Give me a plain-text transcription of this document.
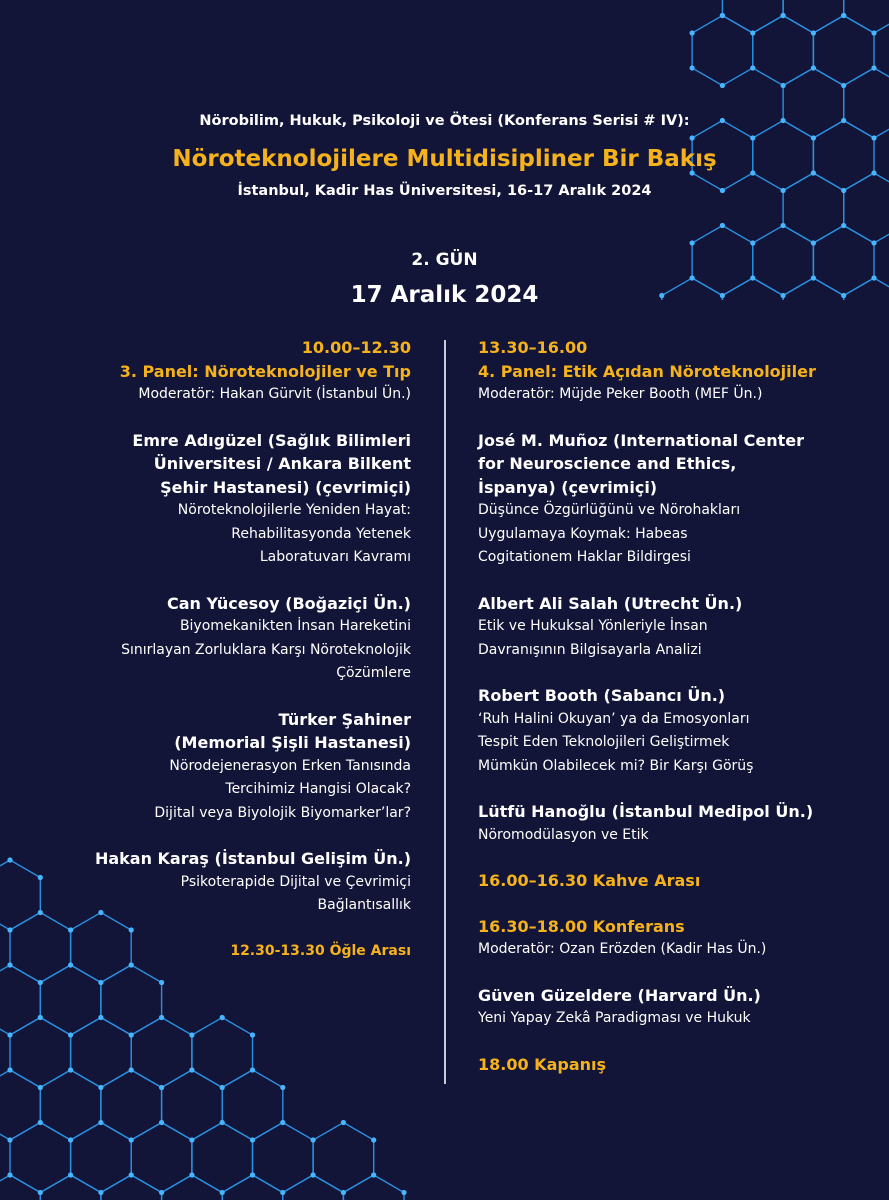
Nörobilim, Hukuk, Psikoloji ve Ötesi (Konferans Serisi # IV):
Nöroteknolojilere Multidisipliner Bir Bakış
İstanbul, Kadir Has Üniversitesi, 16-17 Aralık 2024
2. GÜN
17 Aralık 2024
10.00–12.30
3. Panel: Nöroteknolojiler ve Tıp
Moderatör: Hakan Gürvit (İstanbul Ün.)
Emre Adıgüzel (Sağlık Bilimleri
Üniversitesi / Ankara Bilkent
Şehir Hastanesi) (çevrimiçi)
Nöroteknolojilerle Yeniden Hayat:
Rehabilitasyonda Yetenek
Laboratuvarı Kavramı
Can Yücesoy (Boğaziçi Ün.)
Biyomekanikten İnsan Hareketini
Sınırlayan Zorluklara Karşı Nöroteknolojik
Çözümlere
Türker Şahiner
(Memorial Şişli Hastanesi)
Nörodejenerasyon Erken Tanısında
Tercihimiz Hangisi Olacak?
Dijital veya Biyolojik Biyomarker’lar?
Hakan Karaş (İstanbul Gelişim Ün.)
Psikoterapide Dijital ve Çevrimiçi
Bağlantısallık
12.30-13.30 Öğle Arası
13.30–16.00
4. Panel: Etik Açıdan Nöroteknolojiler
Moderatör: Müjde Peker Booth (MEF Ün.)
José M. Muñoz (International Center
for Neuroscience and Ethics,
İspanya) (çevrimiçi)
Düşünce Özgürlüğünü ve Nörohakları
Uygulamaya Koymak: Habeas
Cogitationem Haklar Bildirgesi
Albert Ali Salah (Utrecht Ün.)
Etik ve Hukuksal Yönleriyle İnsan
Davranışının Bilgisayarla Analizi
Robert Booth (Sabancı Ün.)
‘Ruh Halini Okuyan’ ya da Emosyonları
Tespit Eden Teknolojileri Geliştirmek
Mümkün Olabilecek mi? Bir Karşı Görüş
Lütfü Hanoğlu (İstanbul Medipol Ün.)
Nöromodülasyon ve Etik
16.00–16.30 Kahve Arası
16.30–18.00 Konferans
Moderatör: Ozan Erözden (Kadir Has Ün.)
Güven Güzeldere (Harvard Ün.)
Yeni Yapay Zekâ Paradigması ve Hukuk
18.00 Kapanış
